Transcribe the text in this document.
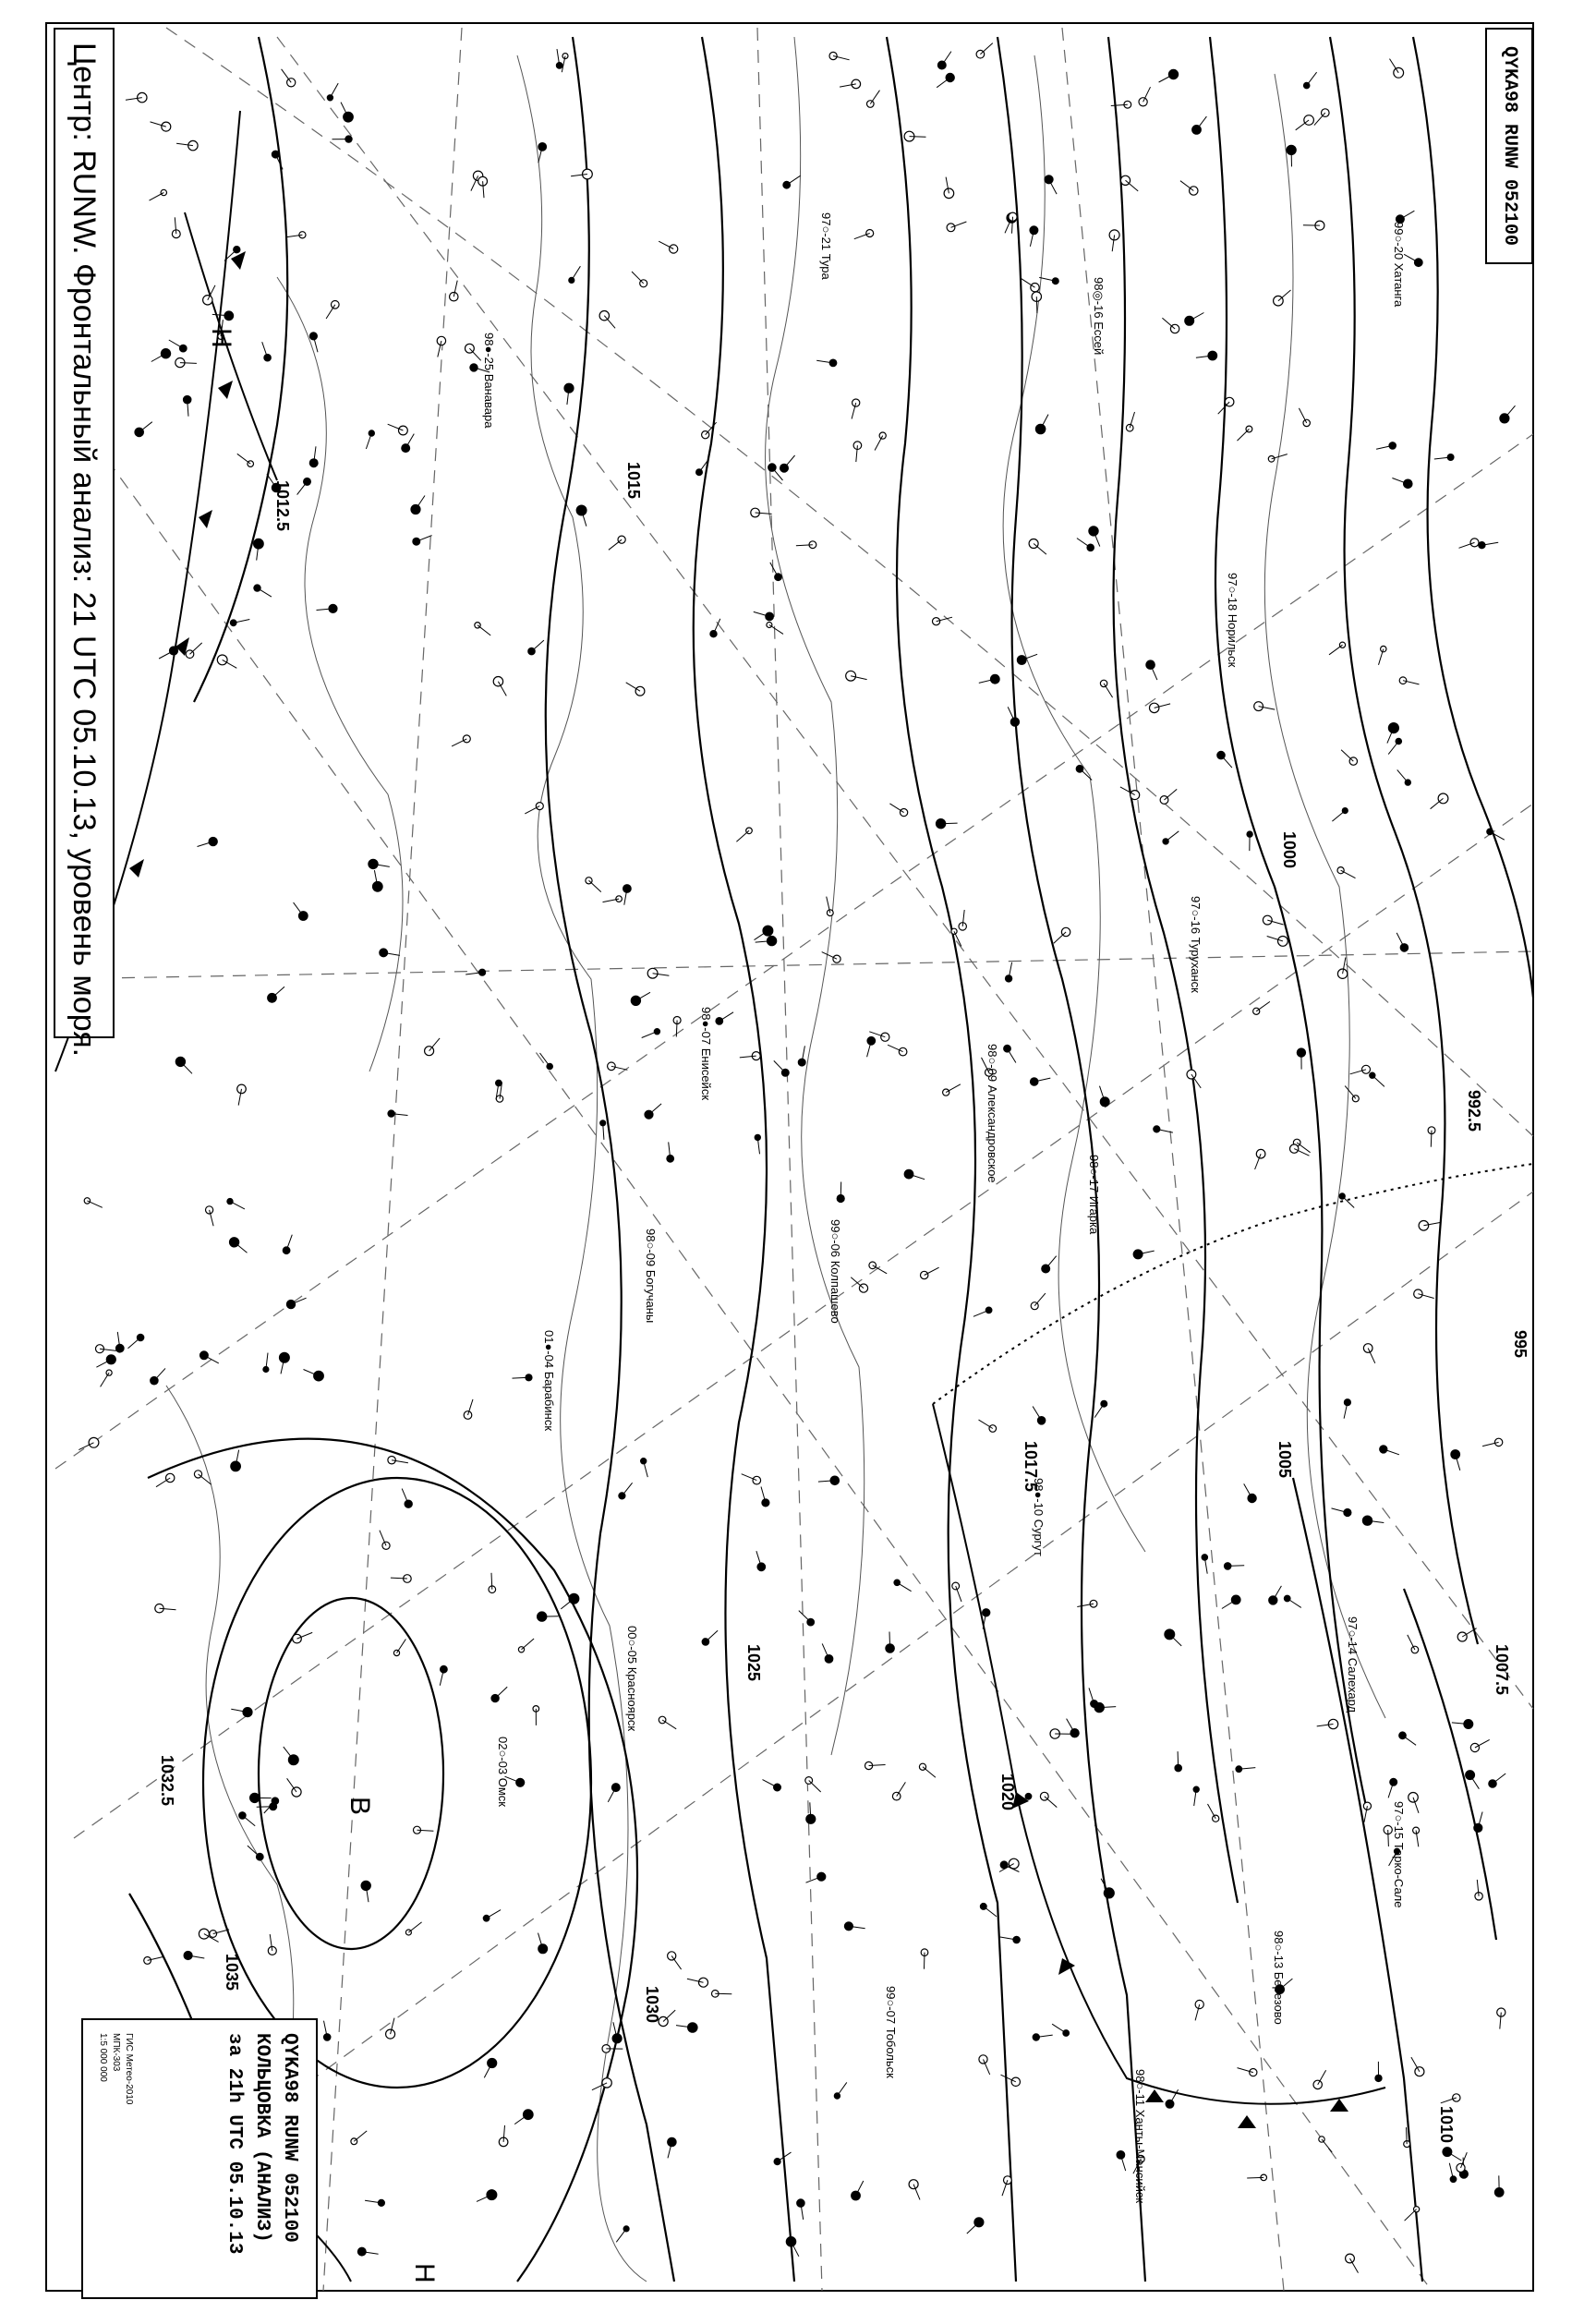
1012.5	1015
1017.5
1020
1025
1030
1032.5
1035
1010
1007.5
1005
1000
995
992.5
Н
В
Н
98●-25 Ванавара
97○-21 Тура
98◎-16 Ессей
99○-20 Хатанга
97○-18 Норильск
97○-16 Туруханск
98○-17 Игарка
98●-07 Енисейск
98○-09 Богучаны
00○-05 Красноярск
98○-09 Александровское
99○-06 Колпашево
01●-04 Барабинск
02○-03 Омск
99○-07 Тобольск
98●-10 Сургут
97○-14 Салехард
98○-13 Березово
98○-11 Ханты-Мансийск
97○-15 Тарко-Сале
Центр: RUNW. Фронтальный анализ: 21 UTC 05.10.13, уровень моря.	QYKA98 RUNW 052100
QYKA98 RUNW 052100
КОЛЬЦОВКА (АНАЛИЗ)
за 21h UTC 05.10.13
ГИС Метео-2010
МПК-303
1:5 000 000
